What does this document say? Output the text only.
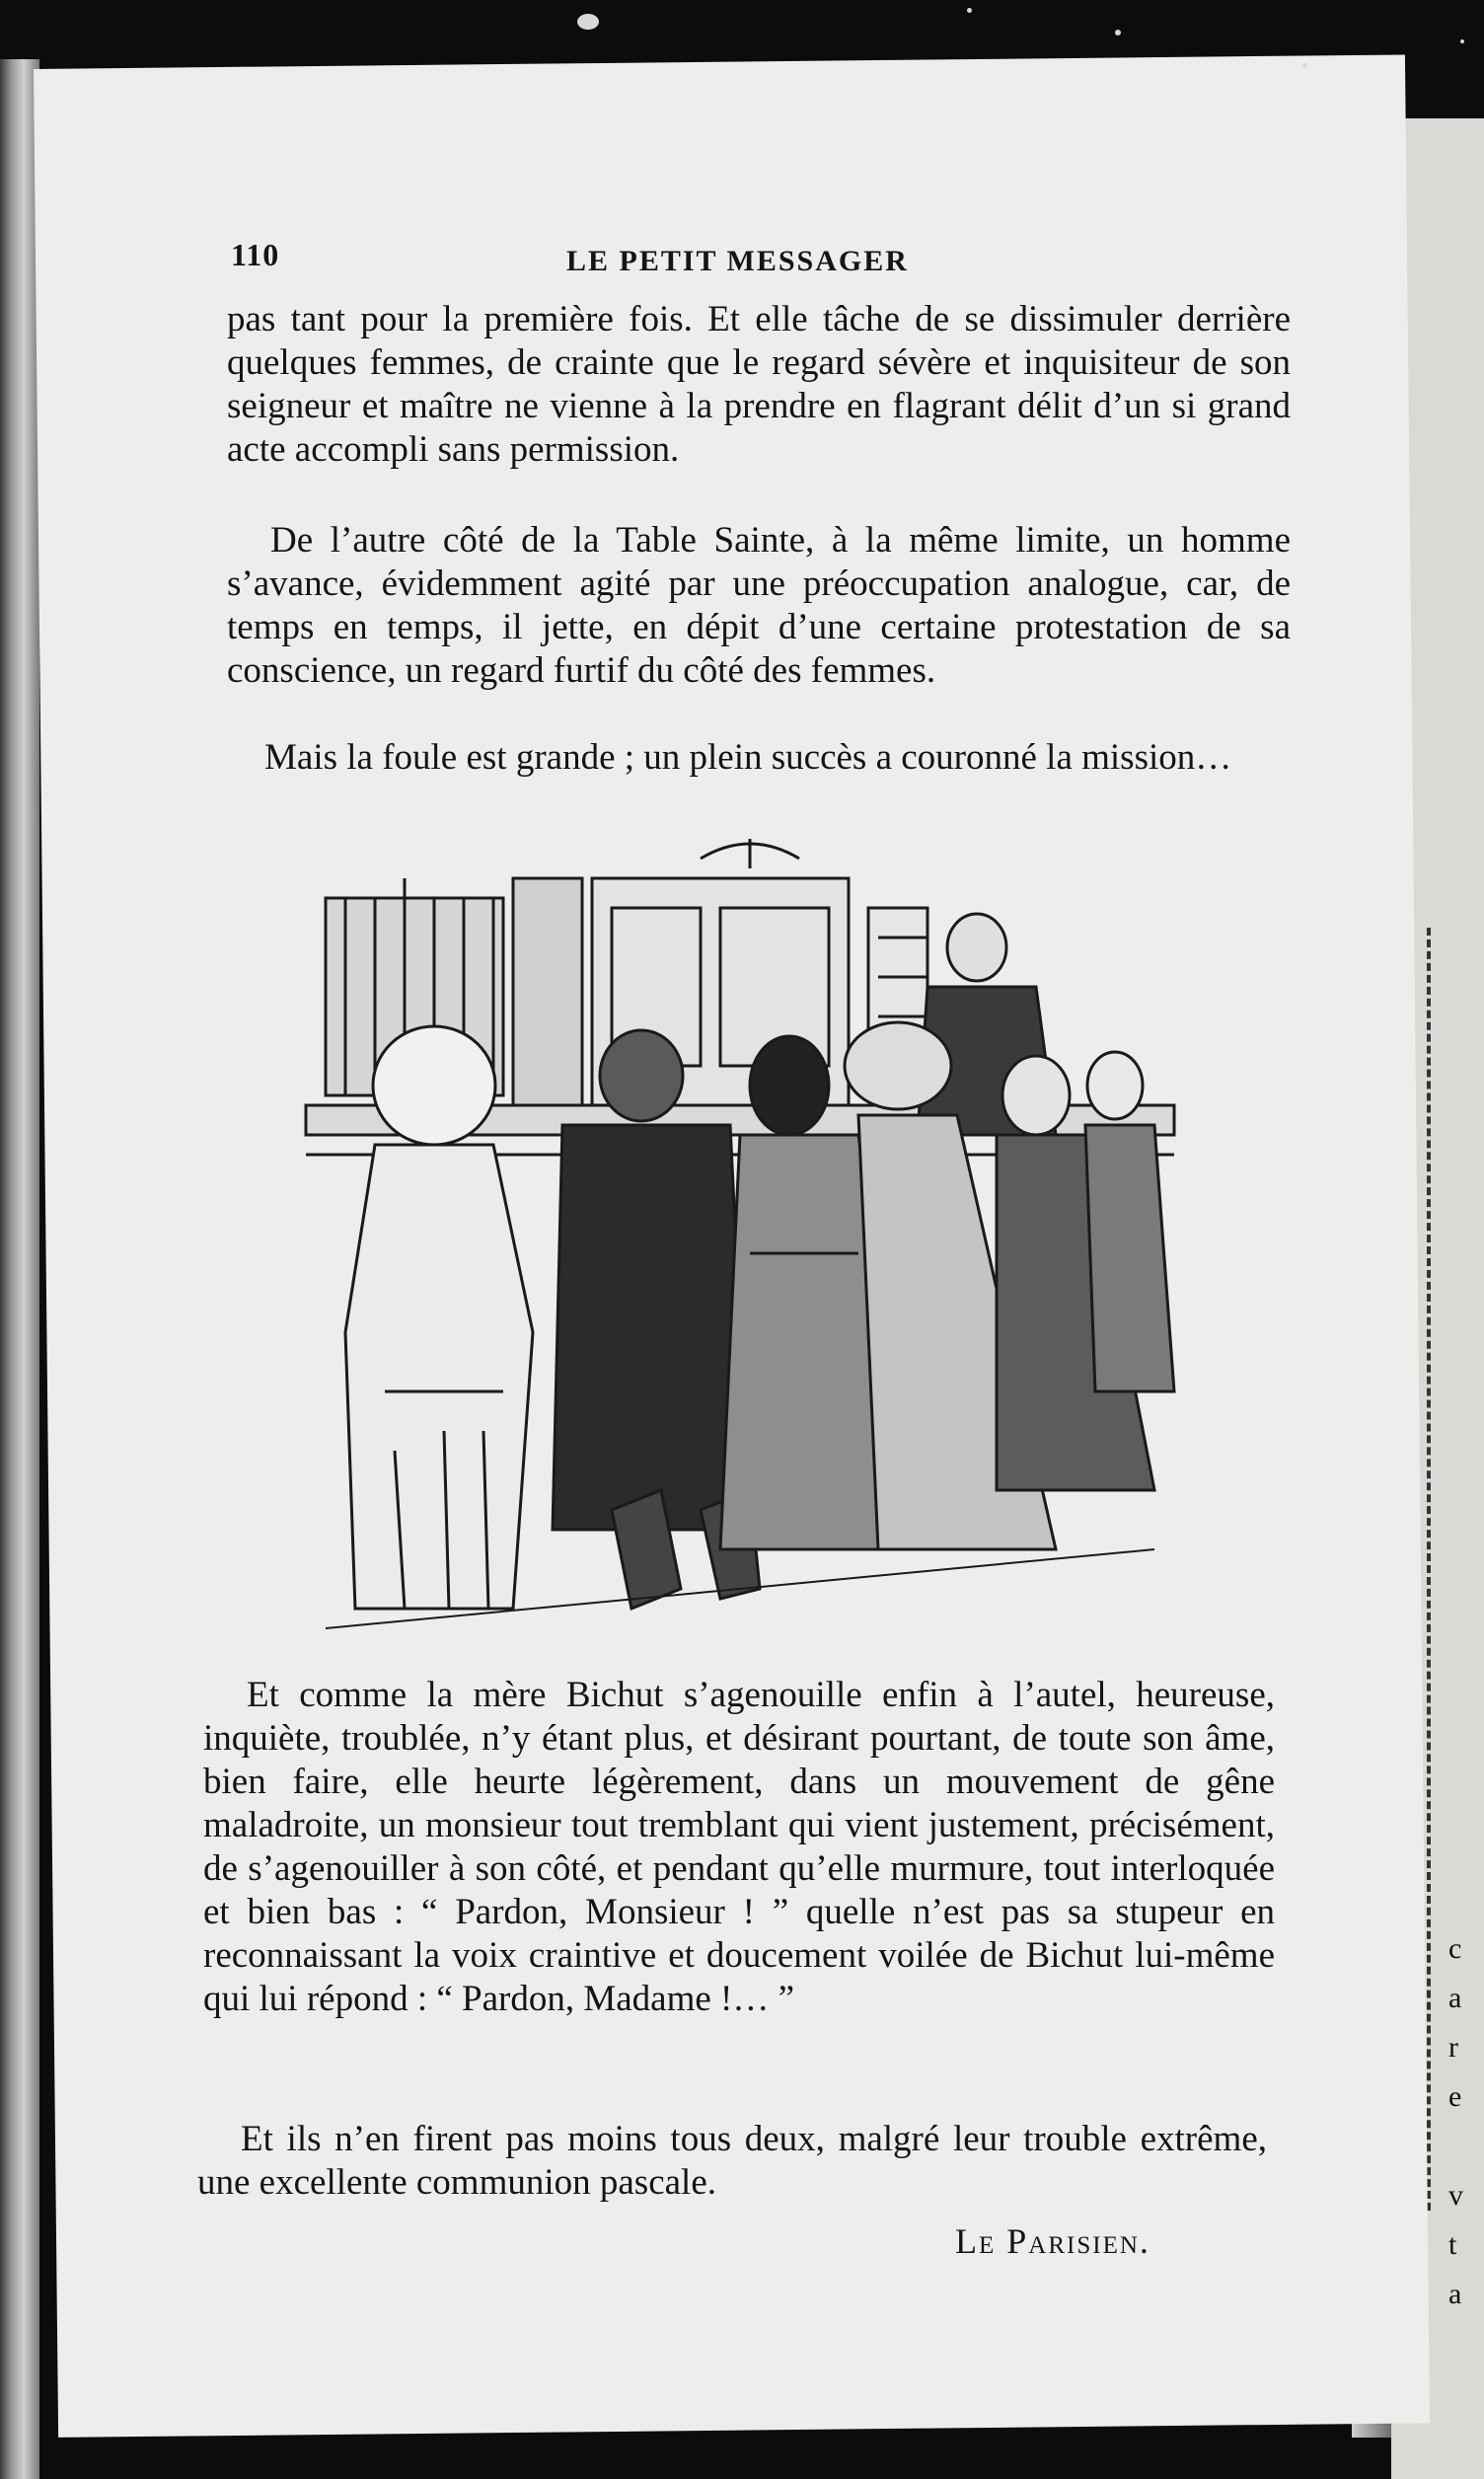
c
a
r
e

v
t
a
110	LE PETIT MESSAGER

pas tant pour la première fois. Et elle tâche de se dissimuler derrière quelques femmes, de crainte que le regard sévère et inquisiteur de son seigneur et maître ne vienne à la prendre en flagrant délit d’un si grand acte accompli sans permission.

De l’autre côté de la Table Sainte, à la même limite, un homme s’avance, évidemment agité par une préoccupation analogue, car, de temps en temps, il jette, en dépit d’une certaine protestation de sa conscience, un regard furtif du côté des femmes.

Mais la foule est grande ; un plein succès a couronné la mission…

Et comme la mère Bichut s’agenouille enfin à l’autel, heureuse, inquiète, troublée, n’y étant plus, et désirant pourtant, de toute son âme, bien faire, elle heurte légèrement, dans un mouvement de gêne maladroite, un monsieur tout tremblant qui vient justement, précisément, de s’agenouiller à son côté, et pendant qu’elle murmure, tout interloquée et bien bas : “ Pardon, Monsieur ! ” quelle n’est pas sa stupeur en reconnaissant la voix craintive et doucement voilée de Bichut lui-même qui lui répond : “ Pardon, Madame !… ”

Et ils n’en firent pas moins tous deux, malgré leur trouble extrême, une excellente communion pascale.

Le Parisien.
